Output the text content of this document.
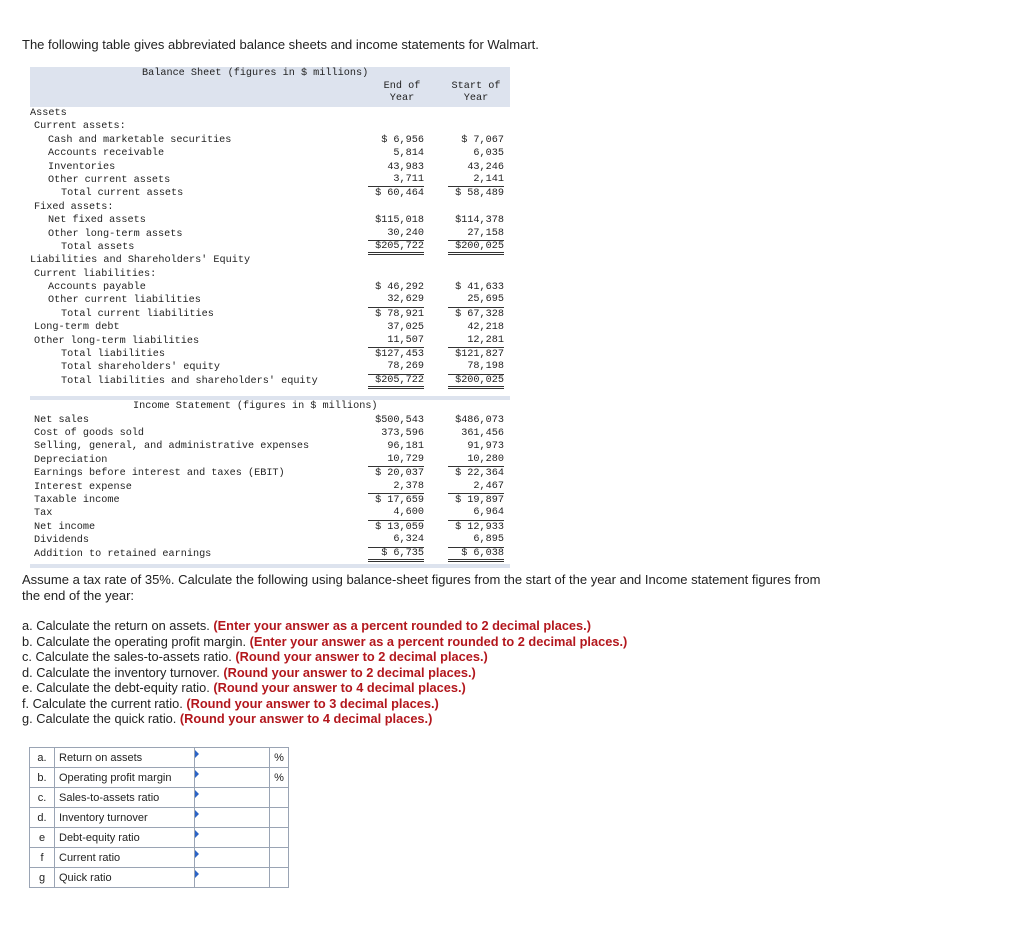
The following table gives abbreviated balance sheets and income statements for Walmart.
Balance Sheet (figures in $ millions)
End of
Year
Start of
Year
Assets
Current assets:
Cash and marketable securities	$ 6,956	$ 7,067
Accounts receivable	5,814	6,035
Inventories	43,983	43,246
Other current assets	3,711	2,141
Total current assets	$ 60,464	$ 58,489
Fixed assets:
Net fixed assets	$115,018	$114,378
Other long-term assets	30,240	27,158
Total assets	$205,722	$200,025
Liabilities and Shareholders' Equity
Current liabilities:
Accounts payable	$ 46,292	$ 41,633
Other current liabilities	32,629	25,695
Total current liabilities	$ 78,921	$ 67,328
Long-term debt	37,025	42,218
Other long-term liabilities	11,507	12,281
Total liabilities	$127,453	$121,827
Total shareholders' equity	78,269	78,198
Total liabilities and shareholders' equity	$205,722	$200,025
Income Statement (figures in $ millions)
Net sales	$500,543	$486,073
Cost of goods sold	373,596	361,456
Selling, general, and administrative expenses	96,181	91,973
Depreciation	10,729	10,280
Earnings before interest and taxes (EBIT)	$ 20,037	$ 22,364
Interest expense	2,378	2,467
Taxable income	$ 17,659	$ 19,897
Tax	4,600	6,964
Net income	$ 13,059	$ 12,933
Dividends	6,324	6,895
Addition to retained earnings	$ 6,735	$ 6,038
Assume a tax rate of 35%. Calculate the following using balance-sheet figures from the start of the year and Income statement figures from the end of the year:
a. Calculate the return on assets. (Enter your answer as a percent rounded to 2 decimal places.)
b. Calculate the operating profit margin. (Enter your answer as a percent rounded to 2 decimal places.)
c. Calculate the sales-to-assets ratio. (Round your answer to 2 decimal places.)
d. Calculate the inventory turnover. (Round your answer to 2 decimal places.)
e. Calculate the debt-equity ratio. (Round your answer to 4 decimal places.)
f. Calculate the current ratio. (Round your answer to 3 decimal places.)
g. Calculate the quick ratio. (Round your answer to 4 decimal places.)
a.	Return on assets		%
b.	Operating profit margin		%
c.	Sales-to-assets ratio	

d.	Inventory turnover	

e	Debt-equity ratio	

f	Current ratio	

g	Quick ratio	
